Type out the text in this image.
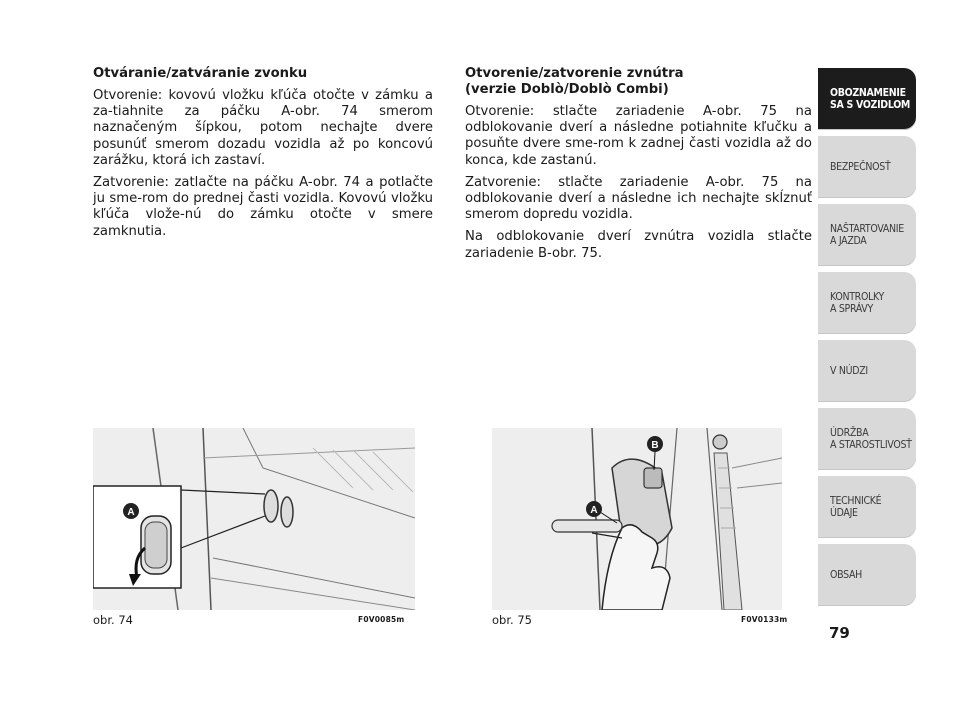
Otváranie/zatváranie zvonku

Otvorenie: kovovú vložku kľúča otočte v zámku a za-tiahnite za páčku A-obr. 74 smerom naznačeným šípkou, potom nechajte dvere posunúť smerom dozadu vozidla až po koncovú zarážku, ktorá ich zastaví.

Zatvorenie: zatlačte na páčku A-obr. 74 a potlačte ju sme-rom do prednej časti vozidla. Kovovú vložku kľúča vlože-nú do zámku otočte v smere zamknutia.

Otvorenie/zatvorenie zvnútra
(verzie Doblò/Doblò Combi)

Otvorenie: stlačte zariadenie A-obr. 75 na odblokovanie dverí a následne potiahnite kľučku a posuňte dvere sme-rom k zadnej časti vozidla až do konca, kde zastanú.

Zatvorenie: stlačte zariadenie A-obr. 75 na odblokovanie dverí a následne ich nechajte skĺznuť smerom dopredu vozidla.

Na odblokovanie dverí zvnútra vozidla stlačte zariadenie B-obr. 75.

A
obr. 74	F0V0085m
B
A
obr. 75	F0V0133m
OBOZNAMENIE
SA S VOZIDLOM
BEZPEČNOSŤ
NAŠTARTOVANIE
A JAZDA
KONTROLKY
A SPRÁVY
V NÚDZI
ÚDRŽBA
A STAROSTLIVOSŤ
TECHNICKÉ
ÚDAJE
OBSAH
79
